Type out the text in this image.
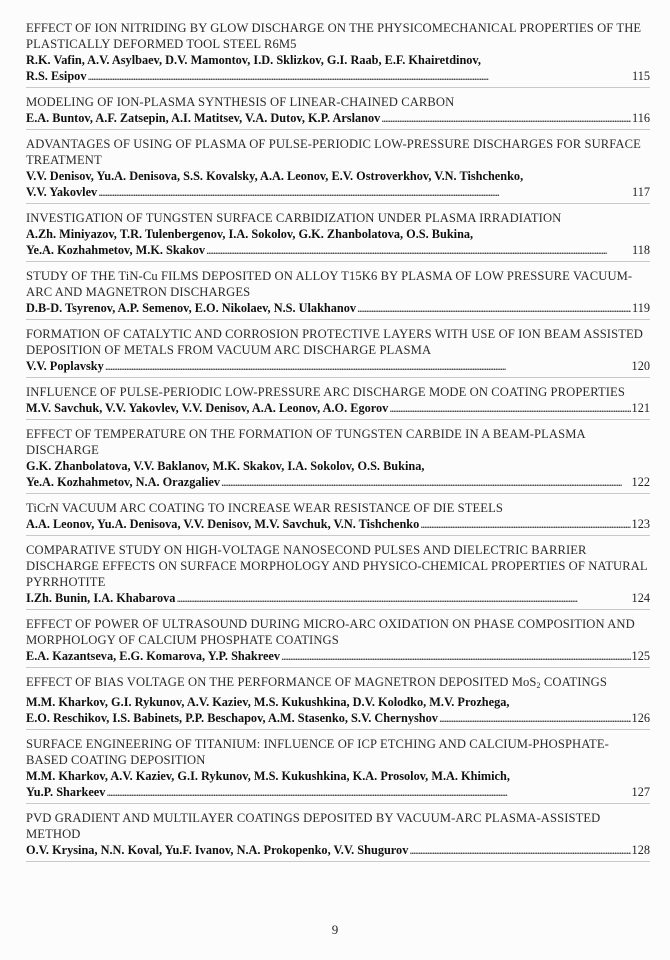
EFFECT OF ION NITRIDING BY GLOW DISCHARGE ON THE PHYSICOMECHANICAL PROPERTIES OF THE PLASTICALLY DEFORMED TOOL STEEL R6M5
R.K. Vafin, A.V. Asylbaev, D.V. Mamontov, I.D. Sklizkov, G.I. Raab, E.F. Khairetdinov,
R.S. Esipov . . .	115
MODELING OF ION-PLASMA SYNTHESIS OF LINEAR-CHAINED CARBON
E.A. Buntov, A.F. Zatsepin, A.I. Matitsev, V.A. Dutov, K.P. Arslanov . . .	116
ADVANTAGES OF USING OF PLASMA OF PULSE-PERIODIC LOW-PRESSURE DISCHARGES FOR SURFACE TREATMENT
V.V. Denisov, Yu.A. Denisova, S.S. Kovalsky, A.A. Leonov, E.V. Ostroverkhov, V.N. Tishchenko,
V.V. Yakovlev . . .	117
INVESTIGATION OF TUNGSTEN SURFACE CARBIDIZATION UNDER PLASMA IRRADIATION
A.Zh. Miniyazov, T.R. Tulenbergenov, I.A. Sokolov, G.K. Zhanbolatova, O.S. Bukina,
Ye.A. Kozhahmetov, M.K. Skakov . . .	118
STUDY OF THE TiN-Cu FILMS DEPOSITED ON ALLOY T15K6 BY PLASMA OF LOW PRESSURE VACUUM-ARC AND MAGNETRON DISCHARGES
D.B-D. Tsyrenov, A.P. Semenov, E.O. Nikolaev, N.S. Ulakhanov . . .	119
FORMATION OF CATALYTIC AND CORROSION PROTECTIVE LAYERS WITH USE OF ION BEAM ASSISTED DEPOSITION OF METALS FROM VACUUM ARC DISCHARGE PLASMA
V.V. Poplavsky . . .	120
INFLUENCE OF PULSE-PERIODIC LOW-PRESSURE ARC DISCHARGE MODE ON COATING PROPERTIES
M.V. Savchuk, V.V. Yakovlev, V.V. Denisov, A.A. Leonov, A.O. Egorov . . .	121
EFFECT OF TEMPERATURE ON THE FORMATION OF TUNGSTEN CARBIDE IN A BEAM-PLASMA DISCHARGE
G.K. Zhanbolatova, V.V. Baklanov, M.K. Skakov, I.A. Sokolov, O.S. Bukina,
Ye.A. Kozhahmetov, N.A. Orazgaliev . . .	122
TiCrN VACUUM ARC COATING TO INCREASE WEAR RESISTANCE OF DIE STEELS
A.A. Leonov, Yu.A. Denisova, V.V. Denisov, M.V. Savchuk, V.N. Tishchenko . . .	123
COMPARATIVE STUDY ON HIGH-VOLTAGE NANOSECOND PULSES AND DIELECTRIC BARRIER DISCHARGE EFFECTS ON SURFACE MORPHOLOGY AND PHYSICO-CHEMICAL PROPERTIES OF NATURAL PYRRHOTITE
I.Zh. Bunin, I.A. Khabarova . . .	124
EFFECT OF POWER OF ULTRASOUND DURING MICRO-ARC OXIDATION ON PHASE COMPOSITION AND MORPHOLOGY OF CALCIUM PHOSPHATE COATINGS
E.A. Kazantseva, E.G. Komarova, Y.P. Shakreev . . .	125
EFFECT OF BIAS VOLTAGE ON THE PERFORMANCE OF MAGNETRON DEPOSITED MoS$_2$ COATINGS
M.M. Kharkov, G.I. Rykunov, A.V. Kaziev, M.S. Kukushkina, D.V. Kolodko, M.V. Prozhega,
E.O. Reschikov, I.S. Babinets, P.P. Beschapov, A.M. Stasenko, S.V. Chernyshov . . .	126
SURFACE ENGINEERING OF TITANIUM: INFLUENCE OF ICP ETCHING AND CALCIUM-PHOSPHATE-BASED COATING DEPOSITION
M.M. Kharkov, A.V. Kaziev, G.I. Rykunov, M.S. Kukushkina, K.A. Prosolov, M.A. Khimich,
Yu.P. Sharkeev . . .	127
PVD GRADIENT AND MULTILAYER COATINGS DEPOSITED BY VACUUM-ARC PLASMA-ASSISTED METHOD
O.V. Krysina, N.N. Koval, Yu.F. Ivanov, N.A. Prokopenko, V.V. Shugurov . . .	128
9
